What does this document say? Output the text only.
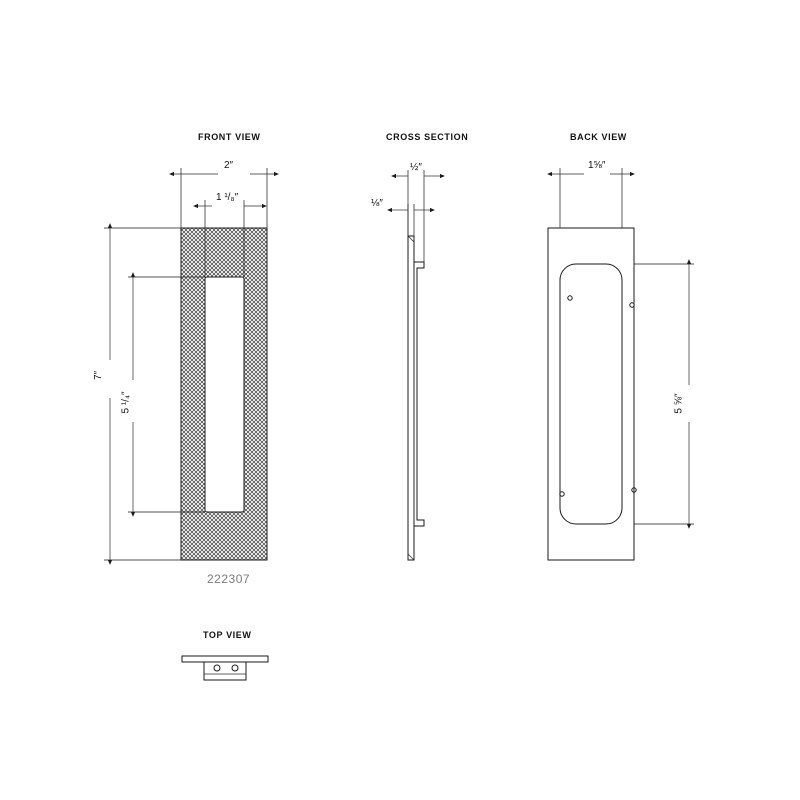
FRONT VIEW	CROSS SECTION	BACK VIEW
TOP VIEW
222307
2″
1 ¹/₈″
7″
5 ¹/₄″
½″
⅛″
1⅝″
5 ⅝″
